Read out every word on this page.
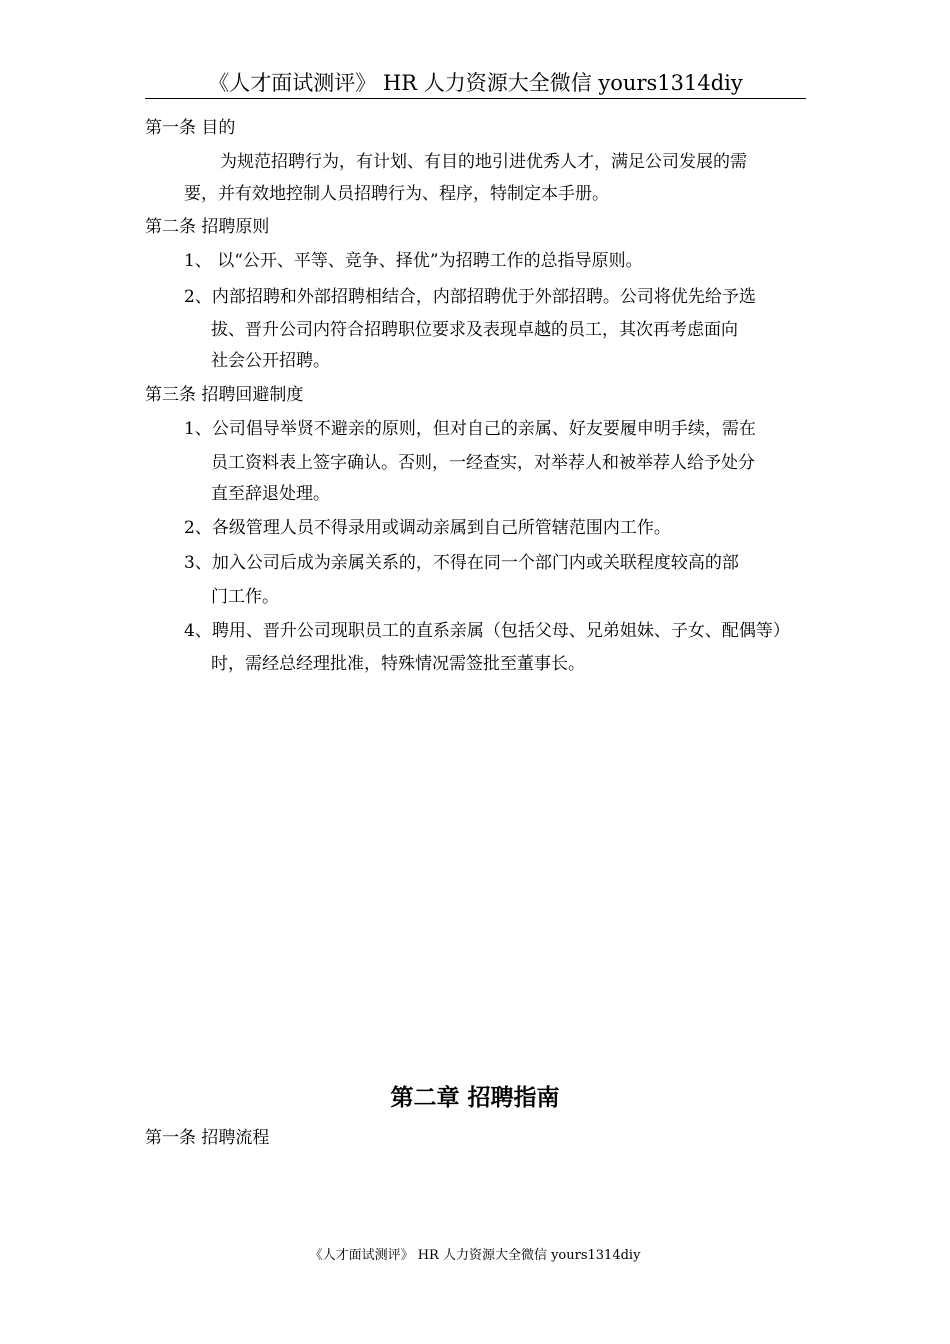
《人才面试测评》 HR 人力资源大全微信 yours1314diy
第一条 目的
为规范招聘行为，有计划、有目的地引进优秀人才，满足公司发展的需
要，并有效地控制人员招聘行为、程序，特制定本手册。
第二条 招聘原则
1、 以“公开、平等、竞争、择优”为招聘工作的总指导原则。
2、内部招聘和外部招聘相结合，内部招聘优于外部招聘。公司将优先给予选
拔、晋升公司内符合招聘职位要求及表现卓越的员工，其次再考虑面向
社会公开招聘。
第三条 招聘回避制度
1、公司倡导举贤不避亲的原则，但对自己的亲属、好友要履申明手续，需在
员工资料表上签字确认。否则，一经查实，对举荐人和被举荐人给予处分
直至辞退处理。
2、各级管理人员不得录用或调动亲属到自己所管辖范围内工作。
3、加入公司后成为亲属关系的，不得在同一个部门内或关联程度较高的部
门工作。
4、聘用、晋升公司现职员工的直系亲属（包括父母、兄弟姐妹、子女、配偶等）
时，需经总经理批准，特殊情况需签批至董事长。
第二章 招聘指南
第一条 招聘流程
《人才面试测评》 HR 人力资源大全微信 yours1314diy
